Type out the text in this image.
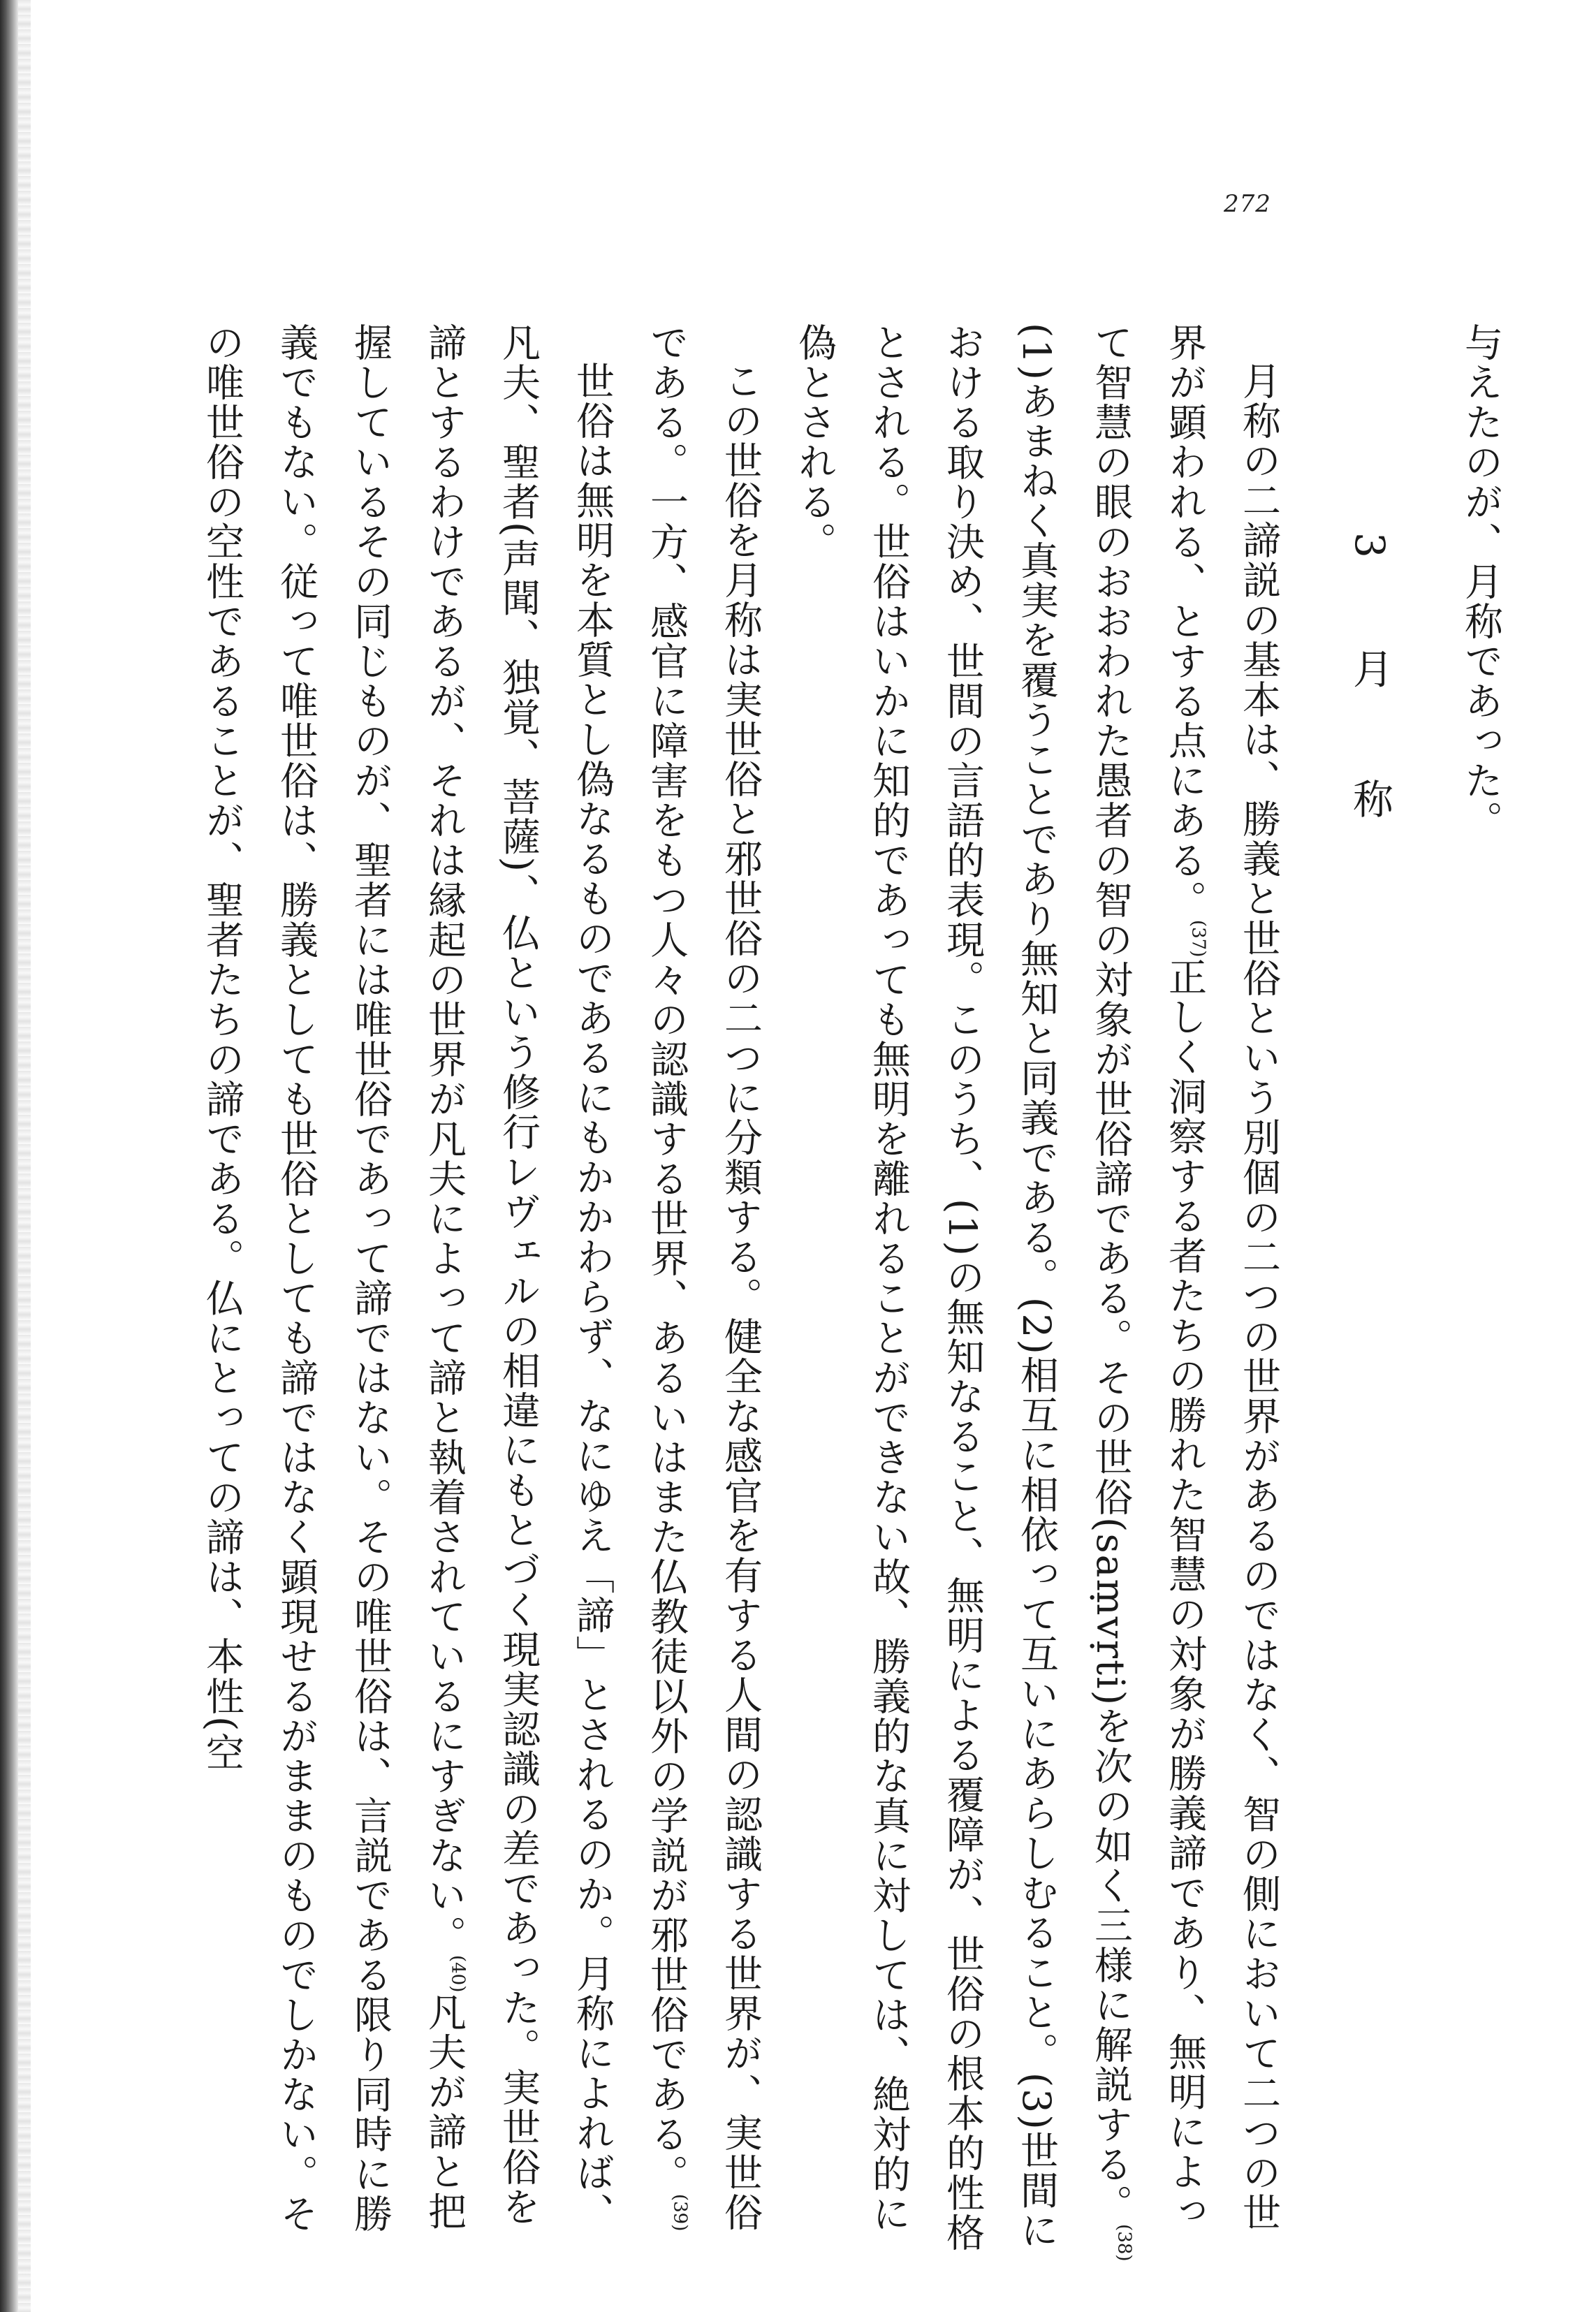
272

与えたのが、月称であった。

3 月 称

月称の二諦説の基本は、勝義と世俗という別個の二つの世界があるのではなく、智の側において二つの世界が顕われる、とする点にある。$^{(37)}$正しく洞察する者たちの勝れた智慧の対象が勝義諦であり、無明によって智慧の眼のおおわれた愚者の智の対象が世俗諦である。その世俗(saṃvṛti)を次の如く三様に解説する。$^{(38)}$(1)あまねく真実を覆うことであり無知と同義である。(2)相互に相依って互いにあらしむること。(3)世間における取り決め、世間の言語的表現。このうち、(1)の無知なること、無明による覆障が、世俗の根本的性格とされる。世俗はいかに知的であっても無明を離れることができない故、勝義的な真に対しては、絶対的に偽とされる。

この世俗を月称は実世俗と邪世俗の二つに分類する。健全な感官を有する人間の認識する世界が、実世俗である。一方、感官に障害をもつ人々の認識する世界、あるいはまた仏教徒以外の学説が邪世俗である。$^{(39)}$

世俗は無明を本質とし偽なるものであるにもかかわらず、なにゆえ「諦」とされるのか。月称によれば、凡夫、聖者(声聞、独覚、菩薩)、仏という修行レヴェルの相違にもとづく現実認識の差であった。実世俗を諦とするわけであるが、それは縁起の世界が凡夫によって諦と執着されているにすぎない。$^{(40)}$凡夫が諦と把握しているその同じものが、聖者には唯世俗であって諦ではない。その唯世俗は、言説である限り同時に勝義でもない。従って唯世俗は、勝義としても世俗としても諦ではなく顕現せるがままのものでしかない。その唯世俗の空性であることが、聖者たちの諦である。仏にとっての諦は、本性(空
